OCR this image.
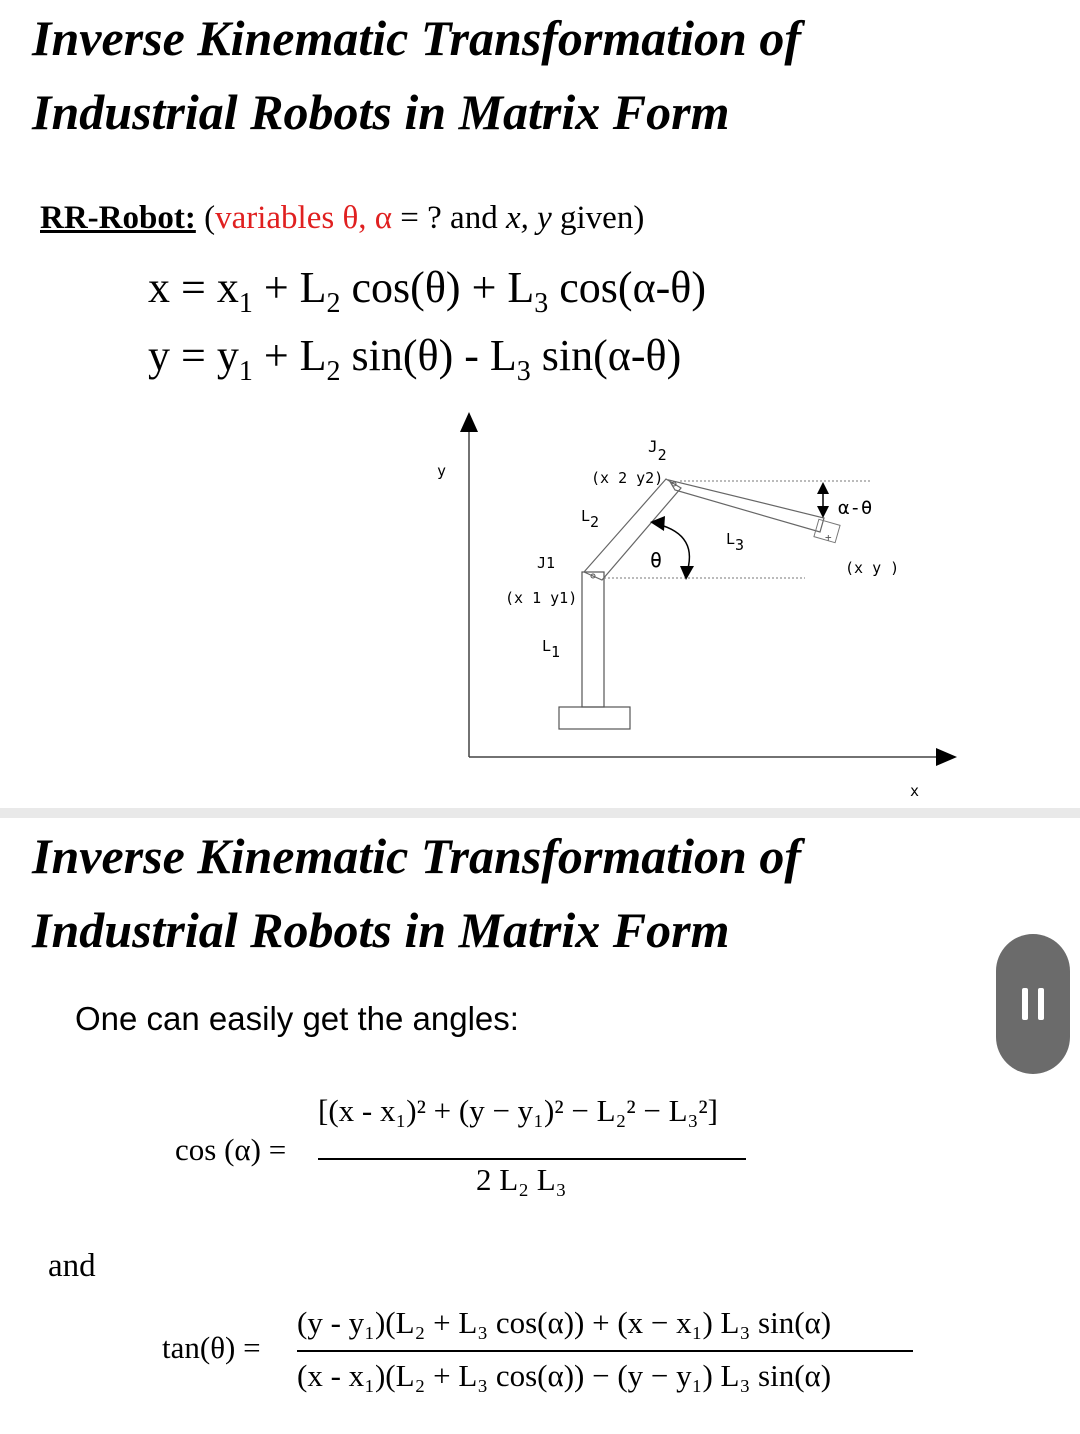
Inverse Kinematic Transformation of
Industrial Robots in Matrix Form
RR-Robot: (variables θ, α = ? and x, y given)
$x = x_1 + L_2$ $\cos(\theta) + L_3$ cos(α-θ)
$y = y_1 + L_2$ $\sin(\theta) - L_3$ sin(α-θ)
y
x
+
J2
(x 2 y2)
L2
L3
J1
(x 1 y1)
L1
θ
α-θ
(x y )
Inverse Kinematic Transformation of
Industrial Robots in Matrix Form
One can easily get the angles:
cos (α) =
[(x - x₁)² + (y − y₁)² − L₂² − L₃²]
2 L₂ L₃
and
tan(θ) =
(y - y₁)(L₂ + L₃ cos(α)) + (x − x₁) L₃ sin(α)
(x - x₁)(L₂ + L₃ cos(α)) − (y − y₁) L₃ sin(α)
